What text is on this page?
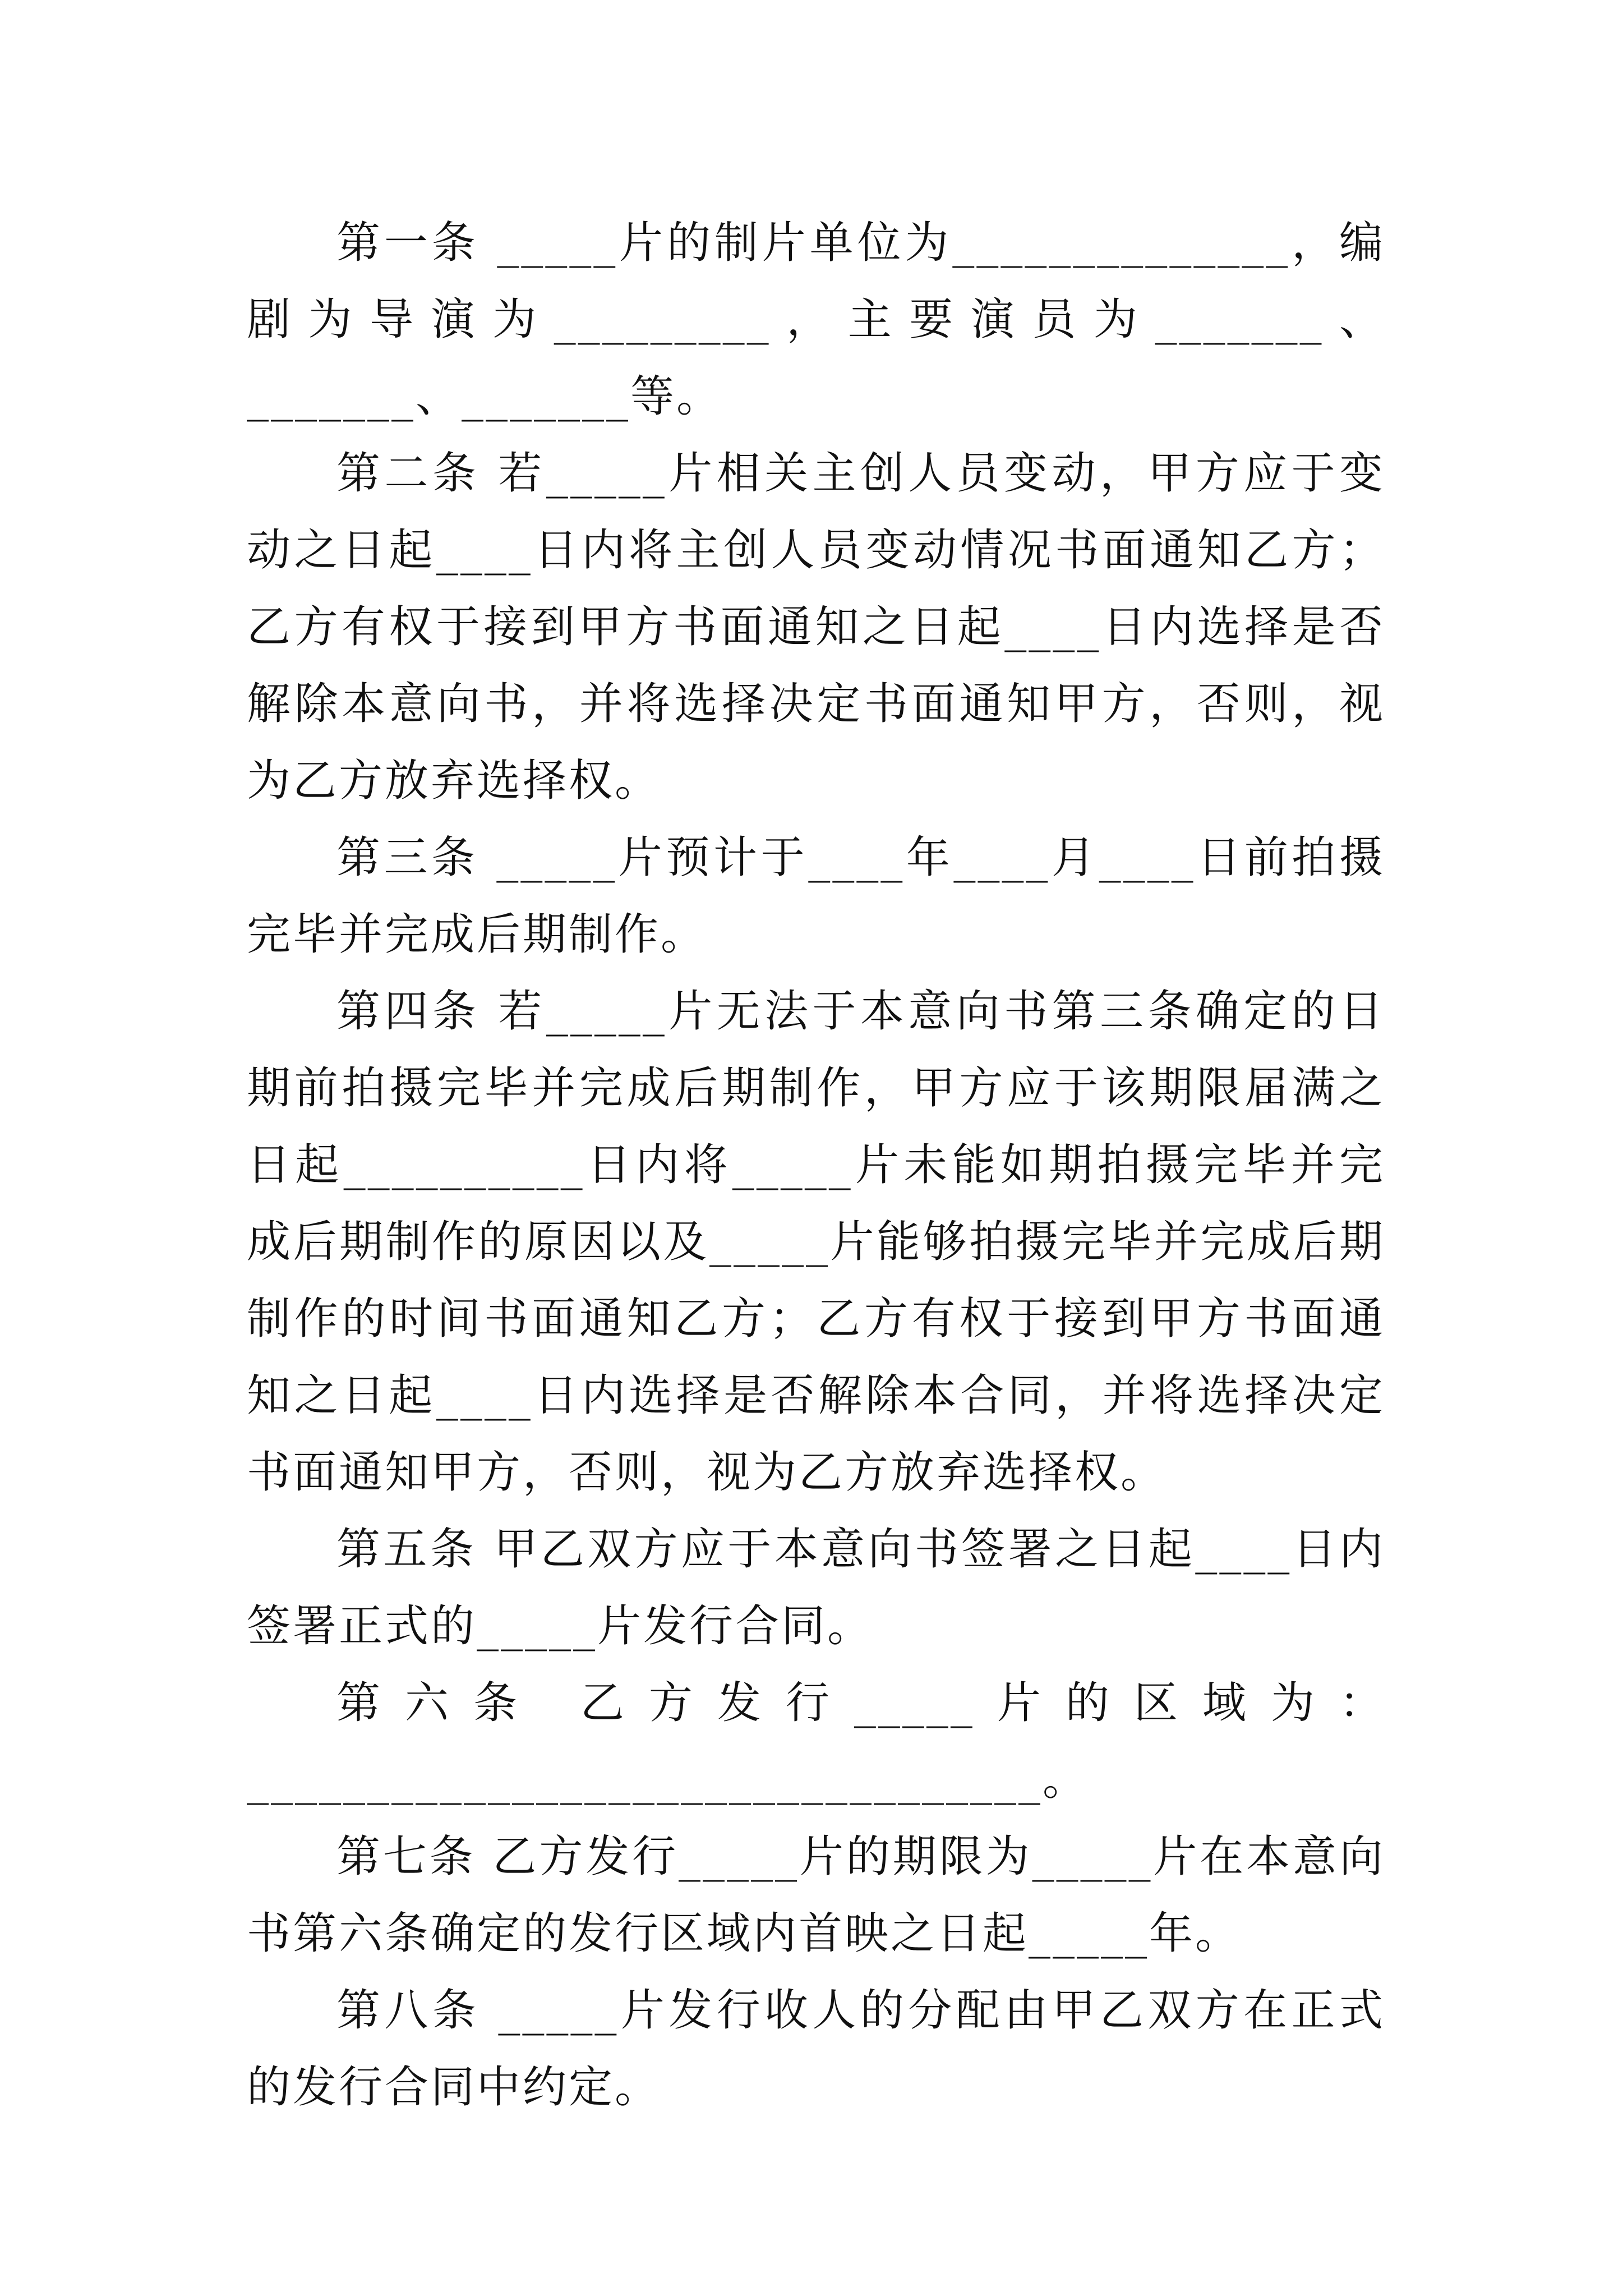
第一条 _____片的制片单位为______________，编剧为导演为_________，主要演员为_______、_______、_______等。

第二条 若_____片相关主创人员变动，甲方应于变动之日起____日内将主创人员变动情况书面通知乙方；乙方有权于接到甲方书面通知之日起____日内选择是否解除本意向书，并将选择决定书面通知甲方，否则，视为乙方放弃选择权。

第三条 _____片预计于____年____月____日前拍摄完毕并完成后期制作。

第四条 若_____片无法于本意向书第三条确定的日期前拍摄完毕并完成后期制作，甲方应于该期限届满之日起__________日内将_____片未能如期拍摄完毕并完成后期制作的原因以及_____片能够拍摄完毕并完成后期制作的时间书面通知乙方；乙方有权于接到甲方书面通知之日起____日内选择是否解除本合同，并将选择决定书面通知甲方，否则，视为乙方放弃选择权。

第五条 甲乙双方应于本意向书签署之日起____日内签署正式的_____片发行合同。

第六条 乙方发行_____片的区域为：

_________________________________。

第七条 乙方发行_____片的期限为_____片在本意向书第六条确定的发行区域内首映之日起_____年。

第八条 _____片发行收人的分配由甲乙双方在正式的发行合同中约定。
